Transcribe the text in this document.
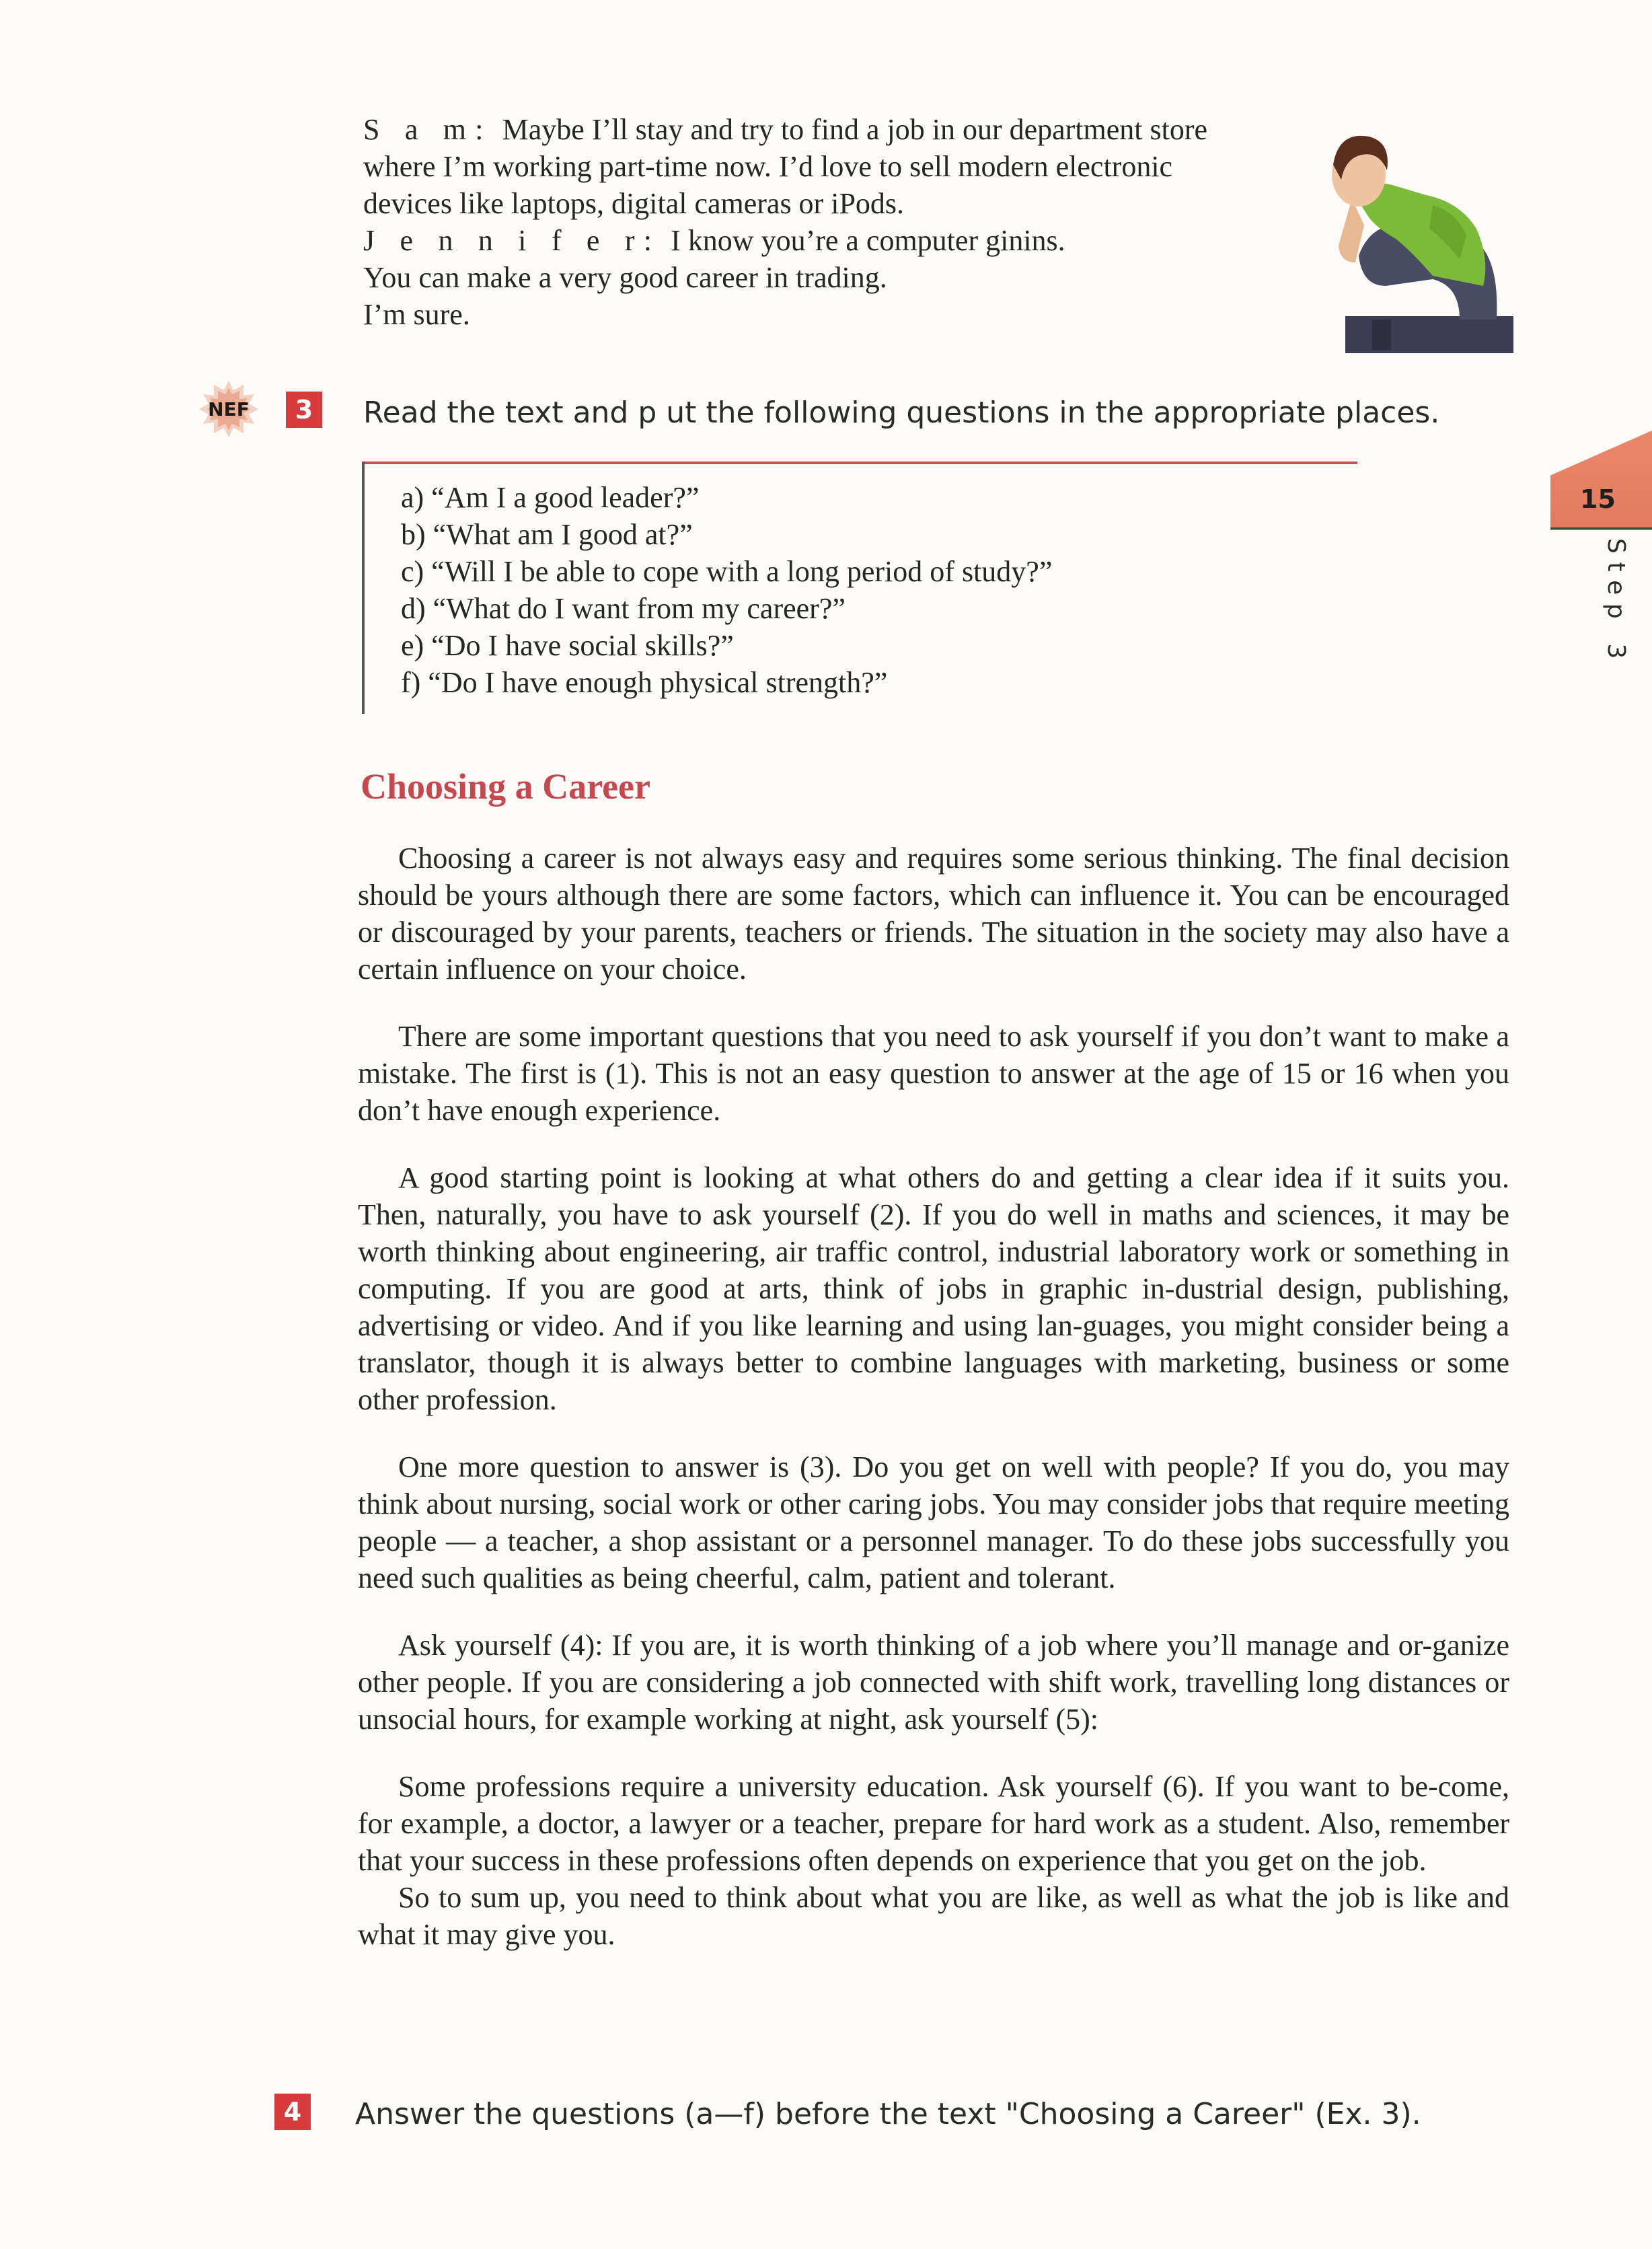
S a m: Maybe I’ll stay and try to find a job in our department store
where I’m working part-time now. I’d love to sell modern electronic
devices like laptops, digital cameras or iPods.
J e n n i f e r: I know you’re a computer ginins.
You can make a very good career in trading.
I’m sure.
15
Step 3
NEF	3	Read the text and p ut the following questions in the appropriate places.
a) “Am I a good leader?”
b) “What am I good at?”
c) “Will I be able to cope with a long period of study?”
d) “What do I want from my career?”
e) “Do I have social skills?”
f) “Do I have enough physical strength?”
Choosing a Career

Choosing a career is not always easy and requires some serious thinking. The final decision should be yours although there are some factors, which can influence it. You can be encouraged or discouraged by your parents, teachers or friends. The situation in the society may also have a certain influence on your choice.

There are some important questions that you need to ask yourself if you don’t want to make a mistake. The first is (1). This is not an easy question to answer at the age of 15 or 16 when you don’t have enough experience.

A good starting point is looking at what others do and getting a clear idea if it suits you. Then, naturally, you have to ask yourself (2). If you do well in maths and sciences, it may be worth thinking about engineering, air traffic control, industrial laboratory work or something in computing. If you are good at arts, think of jobs in graphic in-dustrial design, publishing, advertising or video. And if you like learning and using lan-guages, you might consider being a translator, though it is always better to combine languages with marketing, business or some other profession.

One more question to answer is (3). Do you get on well with people? If you do, you may think about nursing, social work or other caring jobs. You may consider jobs that require meeting people — a teacher, a shop assistant or a personnel manager. To do these jobs successfully you need such qualities as being cheerful, calm, patient and tolerant.

Ask yourself (4): If you are, it is worth thinking of a job where you’ll manage and or-ganize other people. If you are considering a job connected with shift work, travelling long distances or unsocial hours, for example working at night, ask yourself (5):

Some professions require a university education. Ask yourself (6). If you want to be-come, for example, a doctor, a lawyer or a teacher, prepare for hard work as a student. Also, remember that your success in these professions often depends on experience that you get on the job.

So to sum up, you need to think about what you are like, as well as what the job is like and what it may give you.

4	Answer the questions (a—f) before the text "Choosing a Career" (Ex. 3).
